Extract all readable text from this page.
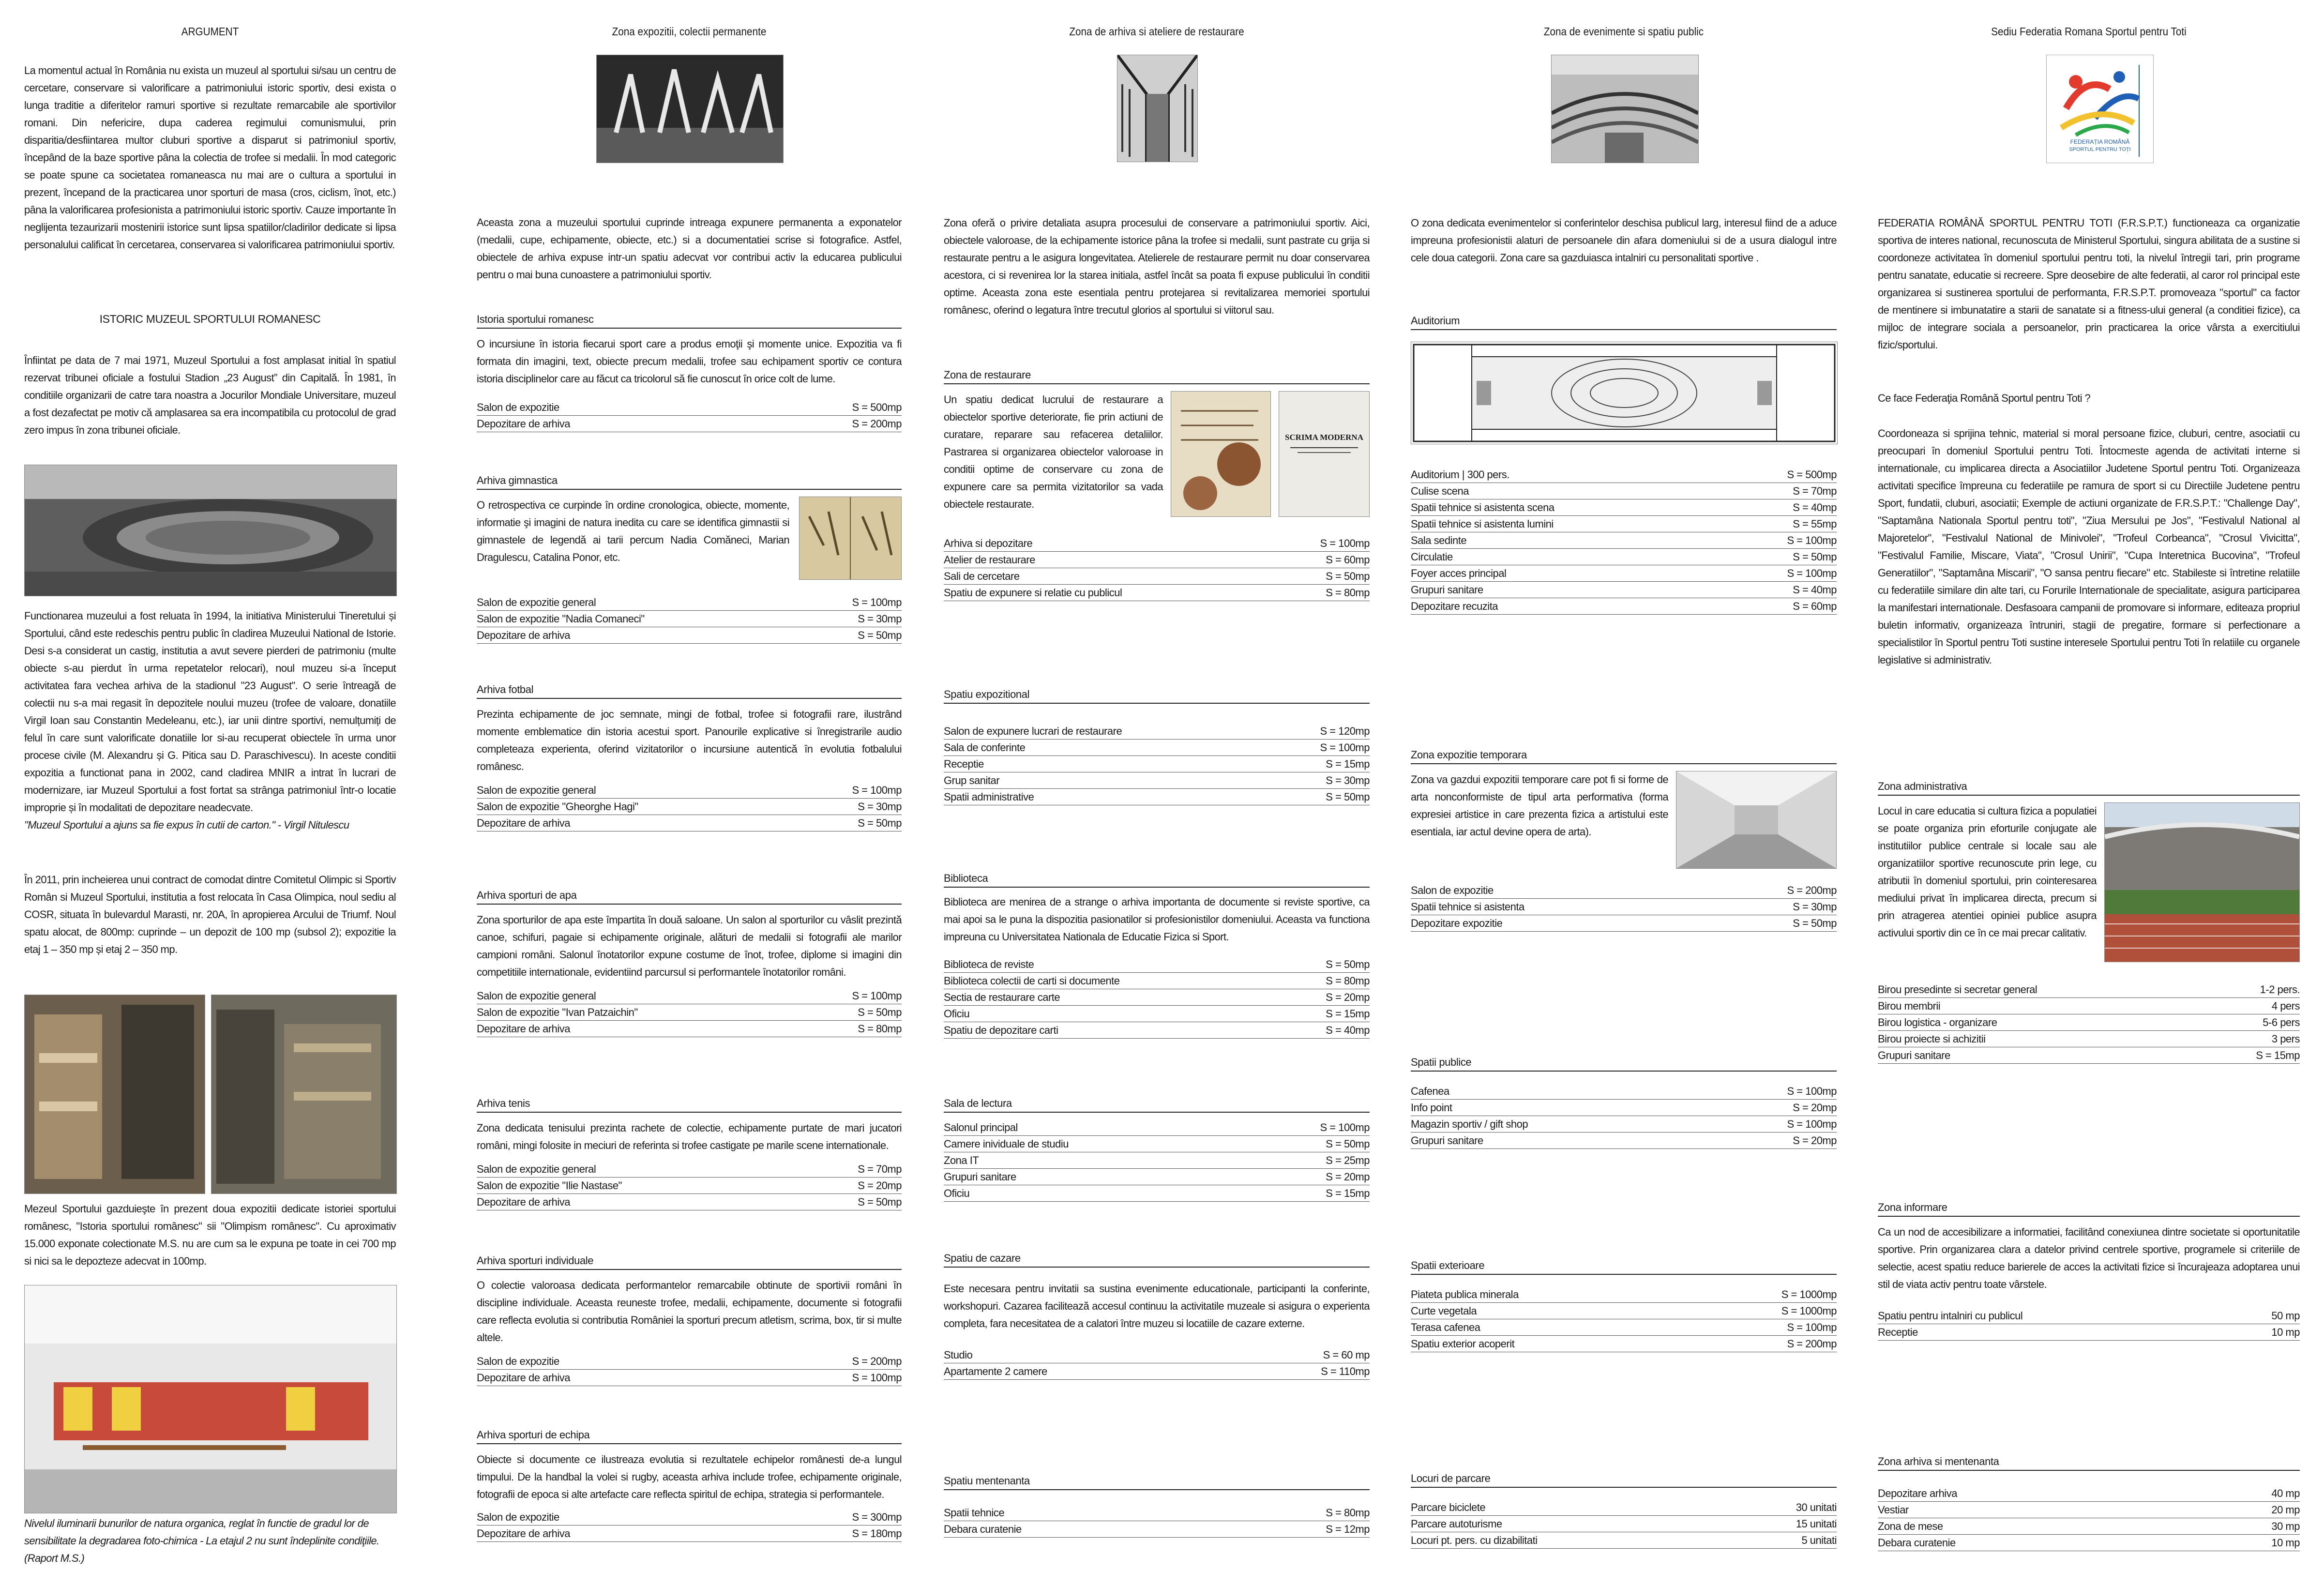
ARGUMENT

La momentul actual în România nu exista un muzeul al sportului si/sau un centru de cercetare, conservare si valorificare a patrimoniului istoric sportiv, desi exista o lunga traditie a diferitelor ramuri sportive si rezultate remarcabile ale sportivilor romani. Din nefericire, dupa caderea regimului comunismului, prin disparitia/desfiintarea multor cluburi sportive a disparut si patrimoniul sportiv, începând de la baze sportive pâna la colectia de trofee si medalii. În mod categoric se poate spune ca societatea romaneasca nu mai are o cultura a sportului in prezent, începand de la practicarea unor sporturi de masa (cros, ciclism, înot, etc.) pâna la valorificarea profesionista a patrimoniului istoric sportiv. Cauze importante în neglijenta tezaurizarii mostenirii istorice sunt lipsa spatiilor/cladirilor dedicate si lipsa personalului calificat în cercetarea, conservarea si valorificarea patrimoniului sportiv.

ISTORIC MUZEUL SPORTULUI ROMANESC

Înfiintat pe data de 7 mai 1971, Muzeul Sportului a fost amplasat initial în spatiul rezervat tribunei oficiale a fostului Stadion „23 August” din Capitală. În 1981, în conditiile organizarii de catre tara noastra a Jocurilor Mondiale Universitare, muzeul a fost dezafectat pe motiv că amplasarea sa era incompatibila cu protocolul de grad zero impus în zona tribunei oficiale.

Functionarea muzeului a fost reluata în 1994, la initiativa Ministerului Tineretului și Sportului, când este redeschis pentru public în cladirea Muzeului National de Istorie. Desi s-a considerat un castig, institutia a avut severe pierderi de patrimoniu (multe obiecte s-au pierdut în urma repetatelor relocari), noul muzeu si-a început activitatea fara vechea arhiva de la stadionul "23 August". O serie întreagă de colectii nu s-a mai regasit în depozitele noului muzeu (trofee de valoare, donatiile Virgil Ioan sau Constantin Medeleanu, etc.), iar unii dintre sportivi, nemulțumiți de felul în care sunt valorificate donatiile lor si-au recuperat obiectele în urma unor procese civile (M. Alexandru și G. Pitica sau D. Paraschivescu). In aceste conditii expozitia a functionat pana in 2002, cand cladirea MNIR a intrat în lucrari de modernizare, iar Muzeul Sportului a fost fortat sa strânga patrimoniul într-o locatie improprie și în modalitati de depozitare neadecvate.

"Muzeul Sportului a ajuns sa fie expus în cutii de carton." - Virgil Nitulescu

În 2011, prin incheierea unui contract de comodat dintre Comitetul Olimpic si Sportiv Român si Muzeul Sportului, institutia a fost relocata în Casa Olimpica, noul sediu al COSR, situata în bulevardul Marasti, nr. 20A, în apropierea Arcului de Triumf. Noul spatu alocat, de 800mp: cuprinde – un depozit de 100 mp (subsol 2); expozitie la etaj 1 – 350 mp și etaj 2 – 350 mp.

Mezeul Sportului gazduieşte în prezent doua expozitii dedicate istoriei sportului românesc, "Istoria sportului românesc" sii "Olimpism românesc". Cu aproximativ 15.000 exponate colectionate M.S. nu are cum sa le expuna pe toate in cei 700 mp si nici sa le depozteze adecvat in 100mp.

Nivelul iluminarii bunurilor de natura organica, reglat în functie de gradul lor de sensibilitate la degradarea foto-chimica - La etajul 2 nu sunt îndeplinite condiţiile. (Raport M.S.)

Zona expozitii, colectii permanente

Aceasta zona a muzeului sportului cuprinde intreaga expunere permanenta a exponatelor (medalii, cupe, echipamente, obiecte, etc.) si a documentatiei scrise si fotografice. Astfel, obiectele de arhiva expuse intr-un spatiu adecvat vor contribui activ la educarea publicului pentru o mai buna cunoastere a patrimoniului sportiv.

Istoria sportului romanesc

O incursiune în istoria fiecarui sport care a produs emoţii şi momente unice. Expozitia va fi formata din imagini, text, obiecte precum medalii, trofee sau echipament sportiv ce contura istoria disciplinelor care au făcut ca tricolorul să fie cunoscut în orice colt de lume.

Salon de expozitie	S = 500mp
Depozitare de arhiva	S = 200mp
Arhiva gimnastica

O retrospectiva ce curpinde în ordine cronologica, obiecte, momente, informatie şi imagini de natura inedita cu care se identifica gimnastii si gimnastele de legendă ai tarii percum Nadia Comăneci, Marian Dragulescu, Catalina Ponor, etc.

Salon de expozitie general	S = 100mp
Salon de expozitie "Nadia Comaneci"	S = 30mp
Depozitare de arhiva	S = 50mp
Arhiva fotbal

Prezinta echipamente de joc semnate, mingi de fotbal, trofee si fotografii rare, ilustrând momente emblematice din istoria acestui sport. Panourile explicative si înregistrarile audio completeaza experienta, oferind vizitatorilor o incursiune autentică în evolutia fotbalului românesc.

Salon de expozitie general	S = 100mp
Salon de expozitie "Gheorghe Hagi"	S = 30mp
Depozitare de arhiva	S = 50mp
Arhiva sporturi de apa

Zona sporturilor de apa este împartita în două saloane. Un salon al sporturilor cu vâslit prezintă canoe, schifuri, pagaie si echipamente originale, alături de medalii si fotografii ale marilor campioni români. Salonul înotatorilor expune costume de înot, trofee, diplome si imagini din competitiile internationale, evidentiind parcursul si performantele înotatorilor români.

Salon de expozitie general	S = 100mp
Salon de expozitie "Ivan Patzaichin"	S = 50mp
Depozitare de arhiva	S = 80mp
Arhiva tenis

Zona dedicata tenisului prezinta rachete de colectie, echipamente purtate de mari jucatori români, mingi folosite in meciuri de referinta si trofee castigate pe marile scene internationale.

Salon de expozitie general	S = 70mp
Salon de expozitie "Ilie Nastase"	S = 20mp
Depozitare de arhiva	S = 50mp
Arhiva sporturi individuale

O colectie valoroasa dedicata performantelor remarcabile obtinute de sportivii români în discipline individuale. Aceasta reuneste trofee, medalii, echipamente, documente si fotografii care reflecta evolutia si contributia României la sporturi precum atletism, scrima, box, tir si multe altele.

Salon de expozitie	S = 200mp
Depozitare de arhiva	S = 100mp
Arhiva sporturi de echipa

Obiecte si documente ce ilustreaza evolutia si rezultatele echipelor românesti de-a lungul timpului. De la handbal la volei si rugby, aceasta arhiva include trofee, echipamente originale, fotografii de epoca si alte artefacte care reflecta spiritul de echipa, strategia si performantele.

Salon de expozitie	S = 300mp
Depozitare de arhiva	S = 180mp
Zona de arhiva si ateliere de restaurare

Zona oferă o privire detaliata asupra procesului de conservare a patrimoniului sportiv. Aici, obiectele valoroase, de la echipamente istorice pâna la trofee si medalii, sunt pastrate cu grija si restaurate pentru a le asigura longevitatea. Atelierele de restaurare permit nu doar conservarea acestora, ci si revenirea lor la starea initiala, astfel încât sa poata fi expuse publicului în conditii optime. Aceasta zona este esentiala pentru protejarea si revitalizarea memoriei sportului românesc, oferind o legatura între trecutul glorios al sportului si viitorul sau.

Zona de restaurare

Un spatiu dedicat lucrului de restaurare a obiectelor sportive deteriorate, fie prin actiuni de curatare, reparare sau refacerea detaliilor. Pastrarea si organizarea obiectelor valoroase in conditii optime de conservare cu zona de expunere care sa permita vizitatorilor sa vada obiectele restaurate.

SCRIMA MODERNA
Arhiva si depozitare	S = 100mp
Atelier de restaurare	S = 60mp
Sali de cercetare	S = 50mp
Spatiu de expunere si relatie cu publicul	S = 80mp
Spatiu expozitional
Salon de expunere lucrari de restaurare	S = 120mp
Sala de conferinte	S = 100mp
Receptie	S = 15mp
Grup sanitar	S = 30mp
Spatii administrative	S = 50mp
Biblioteca

Biblioteca are menirea de a strange o arhiva importanta de documente si reviste sportive, ca mai apoi sa le puna la dispozitia pasionatilor si profesionistilor domeniului. Aceasta va functiona impreuna cu Universitatea Nationala de Educatie Fizica si Sport.

Biblioteca de reviste	S = 50mp
Biblioteca colectii de carti si documente	S = 80mp
Sectia de restaurare carte	S = 20mp
Oficiu	S = 15mp
Spatiu de depozitare carti	S = 40mp
Sala de lectura
Salonul principal	S = 100mp
Camere inividuale de studiu	S = 50mp
Zona IT	S = 25mp
Grupuri sanitare	S = 20mp
Oficiu	S = 15mp
Spatiu de cazare

Este necesara pentru invitatii sa sustina evenimente educationale, participanti la conferinte, workshopuri. Cazarea facilitează accesul continuu la activitatile muzeale si asigura o experienta completa, fara necesitatea de a calatori între muzeu si locatiile de cazare externe.

Studio	S = 60 mp
Apartamente 2 camere	S = 110mp
Spatiu mentenanta
Spatii tehnice	S = 80mp
Debara curatenie	S = 12mp
Zona de evenimente si spatiu public

O zona dedicata evenimentelor si conferintelor deschisa publicul larg, interesul fiind de a aduce impreuna profesionistii alaturi de persoanele din afara domeniului si de a usura dialogul intre cele doua categorii. Zona care sa gazduiasca intalniri cu personalitati sportive .

Auditorium
Auditorium | 300 pers.	S = 500mp
Culise scena	S = 70mp
Spatii tehnice si asistenta scena	S = 40mp
Spatii tehnice si asistenta lumini	S = 55mp
Sala sedinte	S = 100mp
Circulatie	S = 50mp
Foyer acces principal	S = 100mp
Grupuri sanitare	S = 40mp
Depozitare recuzita	S = 60mp
Zona expozitie temporara

Zona va gazdui expozitii temporare care pot fi si forme de arta nonconformiste de tipul arta performativa (forma expresiei artistice in care prezenta fizica a artistului este esentiala, iar actul devine opera de arta).

Salon de expozitie	S = 200mp
Spatii tehnice si asistenta	S = 30mp
Depozitare expozitie	S = 50mp
Spatii publice
Cafenea	S = 100mp
Info point	S = 20mp
Magazin sportiv / gift shop	S = 100mp
Grupuri sanitare	S = 20mp
Spatii exterioare
Piateta publica minerala	S = 1000mp
Curte vegetala	S = 1000mp
Terasa cafenea	S = 100mp
Spatiu exterior acoperit	S = 200mp
Locuri de parcare
Parcare biciclete	30 unitati
Parcare autoturisme	15 unitati
Locuri pt. pers. cu dizabilitati	5 unitati
Sediu Federatia Romana Sportul pentru Toti
FEDERAȚIA ROMÂNĂ
SPORTUL PENTRU TOȚI

FEDERATIA ROMÂNĂ SPORTUL PENTRU TOTI (F.R.S.P.T.) functioneaza ca organizatie sportiva de interes national, recunoscuta de Ministerul Sportului, singura abilitata de a sustine si coordoneze activitatea în domeniul sportului pentru toti, la nivelul întregii tari, prin programe pentru sanatate, educatie si recreere. Spre deosebire de alte federatii, al caror rol principal este organizarea si sustinerea sportului de performanta, F.R.S.P.T. promoveaza "sportul" ca factor de mentinere si imbunatatire a starii de sanatate si a fitness-ului general (a conditiei fizice), ca mijloc de integrare sociala a persoanelor, prin practicarea la orice vârsta a exercitiului fizic/sportului.

Ce face Federaţia Română Sportul pentru Toti ?

Coordoneaza si sprijina tehnic, material si moral persoane fizice, cluburi, centre, asociatii cu preocupari în domeniul Sportului pentru Toti. Întocmeste agenda de activitati interne si internationale, cu implicarea directa a Asociatiilor Judetene Sportul pentru Toti. Organizeaza activitati specifice împreuna cu federatiile pe ramura de sport si cu Directiile Judetene pentru Sport, fundatii, cluburi, asociatii; Exemple de actiuni organizate de F.R.S.P.T.: "Challenge Day", "Saptamâna Nationala Sportul pentru toti", "Ziua Mersului pe Jos", "Festivalul National al Majoretelor", "Festivalul National de Minivolei", "Trofeul Corbeanca", "Crosul Vivicitta", "Festivalul Familie, Miscare, Viata", "Crosul Unirii", "Cupa Interetnica Bucovina", "Trofeul Generatiilor", "Saptamâna Miscarii", "O sansa pentru fiecare" etc. Stabileste si întretine relatiile cu federatiile similare din alte tari, cu Forurile Internationale de specialitate, asigura participarea la manifestari internationale. Desfasoara campanii de promovare si informare, editeaza propriul buletin informativ, organizeaza întruniri, stagii de pregatire, formare si perfectionare a specialistilor în Sportul pentru Toti sustine interesele Sportului pentru Toti în relatiile cu organele legislative si administrativ.

Zona administrativa

Locul in care educatia si cultura fizica a populatiei se poate organiza prin eforturile conjugate ale institutiilor publice centrale si locale sau ale organizatiilor sportive recunoscute prin lege, cu atributii în domeniul sportului, prin cointeresarea mediului privat în implicarea directa, precum si prin atragerea atentiei opiniei publice asupra activului sportiv din ce în ce mai precar calitativ.

Birou presedinte si secretar general	1-2 pers.
Birou membrii	4 pers
Birou logistica - organizare	5-6 pers
Birou proiecte si achizitii	3 pers
Grupuri sanitare	S = 15mp
Zona informare

Ca un nod de accesibilizare a informatiei, facilitând conexiunea dintre societate si oportunitatile sportive. Prin organizarea clara a datelor privind centrele sportive, programele si criteriile de selectie, acest spatiu reduce barierele de acces la activitati fizice si încurajeaza adoptarea unui stil de viata activ pentru toate vârstele.

Spatiu pentru intalniri cu publicul	50 mp
Receptie	10 mp
Zona arhiva si mentenanta
Depozitare arhiva	40 mp
Vestiar	20 mp
Zona de mese	30 mp
Debara curatenie	10 mp
